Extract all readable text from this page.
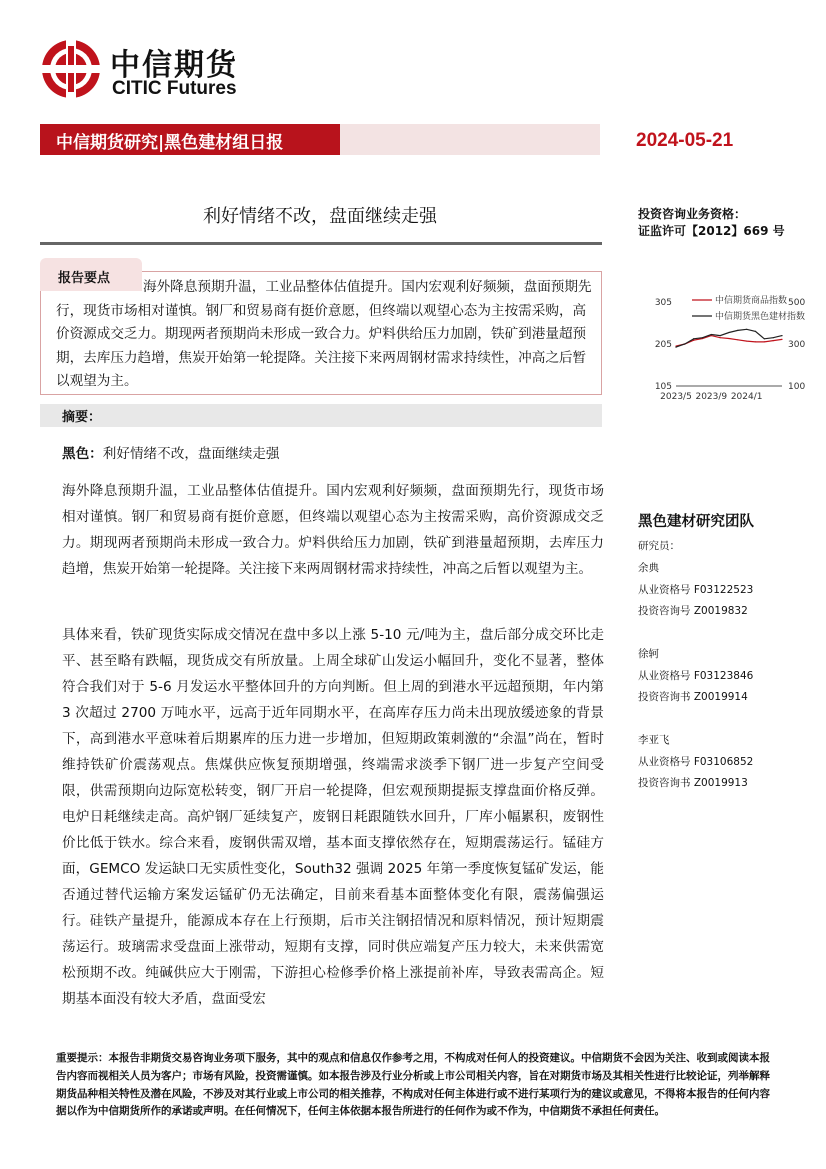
中信期货
CITIC Futures
中信期货研究|黑色建材组日报	2024-05-21
利好情绪不改，盘面继续走强	投资咨询业务资格：
证监许可【2012】669 号
报告要点
海外降息预期升温，工业品整体估值提升。国内宏观利好频频，盘面预期先行，现货市场相对谨慎。钢厂和贸易商有挺价意愿，但终端以观望心态为主按需采购，高价资源成交乏力。期现两者预期尚未形成一致合力。炉料供给压力加剧，铁矿到港量超预期，去库压力趋增，焦炭开始第一轮提降。关注接下来两周钢材需求持续性，冲高之后暂以观望为主。	105
205
305
100
300
500
2023/5 2023/9 2024/1
中信期货商品指数
中信期货黑色建材指数
摘要：
黑色：利好情绪不改，盘面继续走强
海外降息预期升温，工业品整体估值提升。国内宏观利好频频，盘面预期先行，现货市场相对谨慎。钢厂和贸易商有挺价意愿，但终端以观望心态为主按需采购，高价资源成交乏力。期现两者预期尚未形成一致合力。炉料供给压力加剧，铁矿到港量超预期，去库压力趋增，焦炭开始第一轮提降。关注接下来两周钢材需求持续性，冲高之后暂以观望为主。
具体来看，铁矿现货实际成交情况在盘中多以上涨 5-10 元/吨为主，盘后部分成交环比走平、甚至略有跌幅，现货成交有所放量。上周全球矿山发运小幅回升，变化不显著，整体符合我们对于 5-6 月发运水平整体回升的方向判断。但上周的到港水平远超预期，年内第 3 次超过 2700 万吨水平，远高于近年同期水平，在高库存压力尚未出现放缓迹象的背景下，高到港水平意味着后期累库的压力进一步增加，但短期政策刺激的“余温”尚在，暂时维持铁矿价震荡观点。焦煤供应恢复预期增强，终端需求淡季下钢厂进一步复产空间受限，供需预期向边际宽松转变，钢厂开启一轮提降，但宏观预期提振支撑盘面价格反弹。电炉日耗继续走高。高炉钢厂延续复产，废钢日耗跟随铁水回升，厂库小幅累积，废钢性价比低于铁水。综合来看，废钢供需双增，基本面支撑依然存在，短期震荡运行。锰硅方面，GEMCO 发运缺口无实质性变化，South32 强调 2025 年第一季度恢复锰矿发运，能否通过替代运输方案发运锰矿仍无法确定，目前来看基本面整体变化有限，震荡偏强运行。硅铁产量提升，能源成本存在上行预期，后市关注钢招情况和原料情况，预计短期震荡运行。玻璃需求受盘面上涨带动，短期有支撑，同时供应端复产压力较大，未来供需宽松预期不改。纯碱供应大于刚需，下游担心检修季价格上涨提前补库，导致表需高企。短期基本面没有较大矛盾，盘面受宏
黑色建材研究团队
研究员：
余典
从业资格号 F03122523
投资咨询号 Z0019832
徐轲
从业资格号 F03123846
投资咨询书 Z0019914
李亚飞
从业资格号 F03106852
投资咨询书 Z0019913
重要提示：本报告非期货交易咨询业务项下服务，其中的观点和信息仅作参考之用，不构成对任何人的投资建议。中信期货不会因为关注、收到或阅读本报告内容而视相关人员为客户；市场有风险，投资需谨慎。如本报告涉及行业分析或上市公司相关内容，旨在对期货市场及其相关性进行比较论证，列举解释期货品种相关特性及潜在风险，不涉及对其行业或上市公司的相关推荐，不构成对任何主体进行或不进行某项行为的建议或意见，不得将本报告的任何内容据以作为中信期货所作的承诺或声明。在任何情况下，任何主体依据本报告所进行的任何作为或不作为，中信期货不承担任何责任。
